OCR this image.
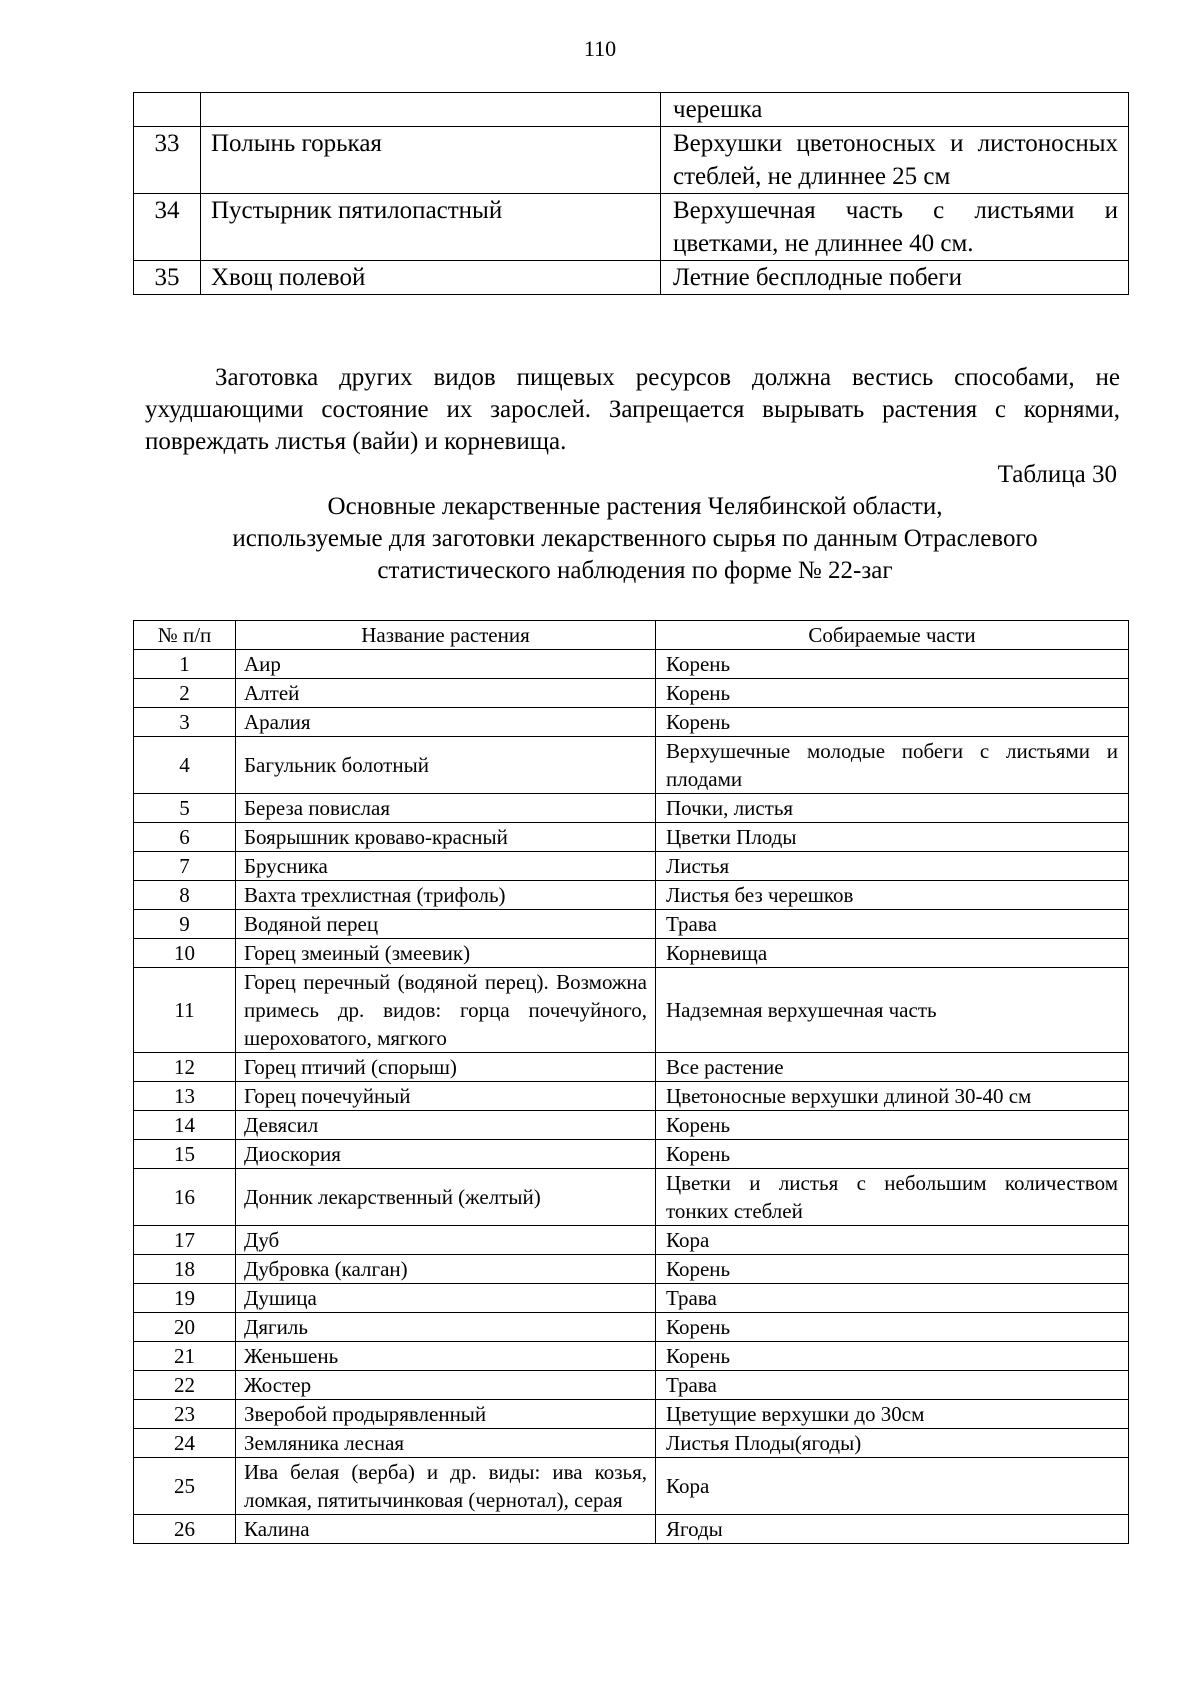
110
		черешка
33	Полынь горькая	Верхушки цветоносных и листоносных стеблей, не длиннее 25 см
34	Пустырник пятилопастный	Верхушечная часть с листьями и цветками, не длиннее 40 см.
35	Хвощ полевой	Летние бесплодные побеги
Заготовка других видов пищевых ресурсов должна вестись способами, не ухудшающими состояние их зарослей. Запрещается вырывать растения с корнями, повреждать листья (вайи) и корневища.
Таблица 30
Основные лекарственные растения Челябинской области,
используемые для заготовки лекарственного сырья по данным Отраслевого
статистического наблюдения по форме № 22-заг
№ п/п	Название растения	Собираемые части
1	Аир	Корень
2	Алтей	Корень
3	Аралия	Корень
4	Багульник болотный	Верхушечные молодые побеги с листьями и плодами
5	Береза повислая	Почки, листья
6	Боярышник кроваво-красный	Цветки Плоды
7	Брусника	Листья
8	Вахта трехлистная (трифоль)	Листья без черешков
9	Водяной перец	Трава
10	Горец змеиный (змеевик)	Корневища
11	Горец перечный (водяной перец). Возможна примесь др. видов: горца почечуйного, шероховатого, мягкого	Надземная верхушечная часть
12	Горец птичий (спорыш)	Все растение
13	Горец почечуйный	Цветоносные верхушки длиной 30-40 см
14	Девясил	Корень
15	Диоскория	Корень
16	Донник лекарственный (желтый)	Цветки и листья с небольшим количеством тонких стеблей
17	Дуб	Кора
18	Дубровка (калган)	Корень
19	Душица	Трава
20	Дягиль	Корень
21	Женьшень	Корень
22	Жостер	Трава
23	Зверобой продырявленный	Цветущие верхушки до 30см
24	Земляника лесная	Листья Плоды(ягоды)
25	Ива белая (верба) и др. виды: ива козья, ломкая, пятитычинковая (чернотал), серая	Кора
26	Калина	Ягоды
